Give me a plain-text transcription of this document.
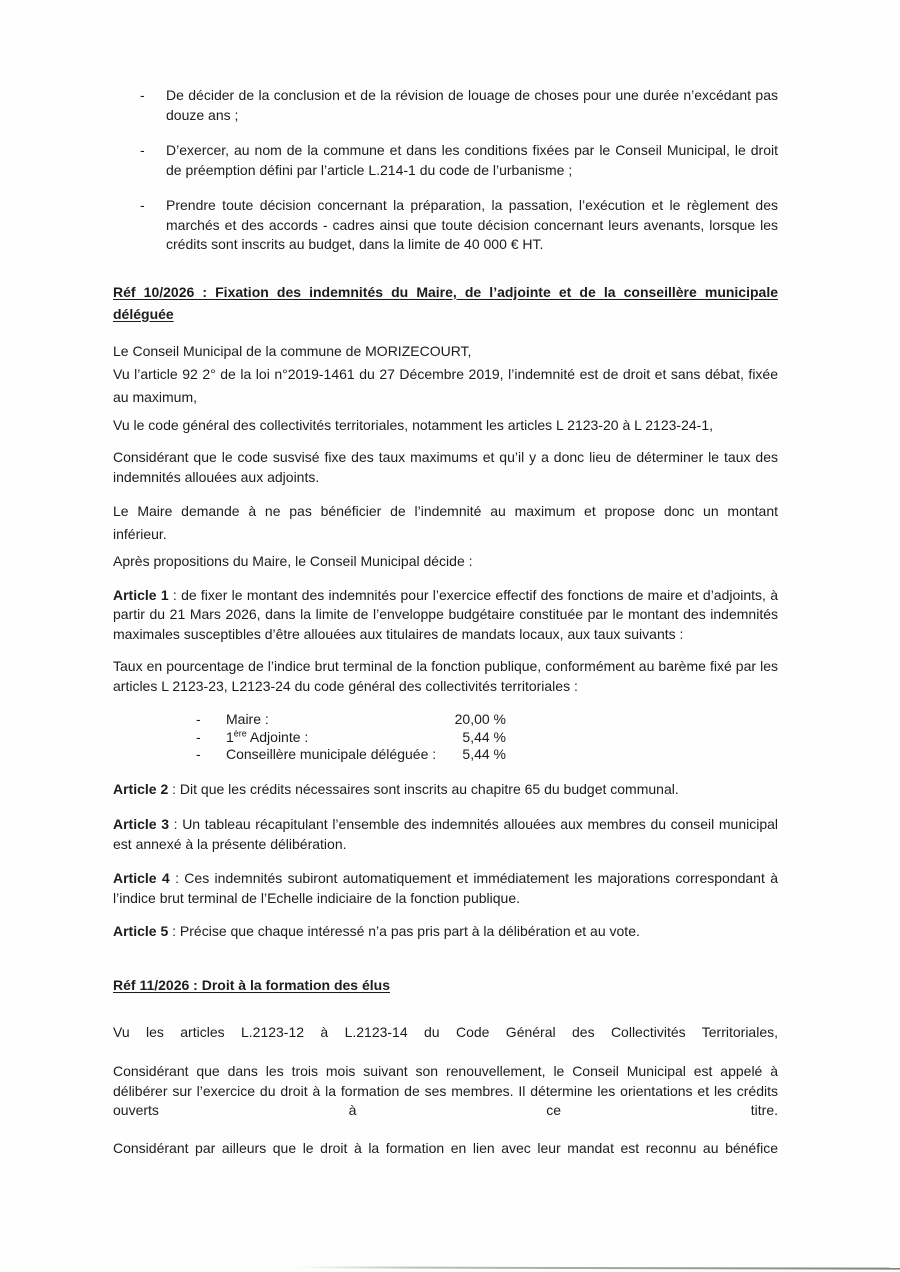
-	De décider de la conclusion et de la révision de louage de choses pour une durée n’excédant pas douze ans ;
-	D’exercer, au nom de la commune et dans les conditions fixées par le Conseil Municipal, le droit de préemption défini par l’article L.214-1 du code de l’urbanisme ;
-	Prendre toute décision concernant la préparation, la passation, l’exécution et le règlement des marchés et des accords - cadres ainsi que toute décision concernant leurs avenants, lorsque les crédits sont inscrits au budget, dans la limite de 40 000 € HT.
Réf 10/2026 : Fixation des indemnités du Maire, de l’adjointe et de la conseillère municipale déléguée
Le Conseil Municipal de la commune de MORIZECOURT,
Vu l’article 92 2° de la loi n°2019-1461 du 27 Décembre 2019, l’indemnité est de droit et sans débat, fixée au maximum,
Vu le code général des collectivités territoriales, notamment les articles L 2123-20 à L 2123-24-1,
Considérant que le code susvisé fixe des taux maximums et qu’il y a donc lieu de déterminer le taux des indemnités allouées aux adjoints.
Le Maire demande à ne pas bénéficier de l’indemnité au maximum et propose donc un montant
inférieur.
Après propositions du Maire, le Conseil Municipal décide :
Article 1 : de fixer le montant des indemnités pour l’exercice effectif des fonctions de maire et d’adjoints, à partir du 21 Mars 2026, dans la limite de l’enveloppe budgétaire constituée par le montant des indemnités maximales susceptibles d’être allouées aux titulaires de mandats locaux, aux taux suivants :
Taux en pourcentage de l’indice brut terminal de la fonction publique, conformément au barème fixé par les articles L 2123-23, L2123-24 du code général des collectivités territoriales :
-	Maire :	20,00 %
-	1ère Adjointe :	5,44 %
-	Conseillère municipale déléguée :	5,44 %
Article 2 : Dit que les crédits nécessaires sont inscrits au chapitre 65 du budget communal.
Article 3 : Un tableau récapitulant l’ensemble des indemnités allouées aux membres du conseil municipal est annexé à la présente délibération.
Article 4 : Ces indemnités subiront automatiquement et immédiatement les majorations correspondant à l’indice brut terminal de l’Echelle indiciaire de la fonction publique.
Article 5 : Précise que chaque intéressé n’a pas pris part à la délibération et au vote.
Réf 11/2026 : Droit à la formation des élus
Vu les articles L.2123-12 à L.2123-14 du Code Général des Collectivités Territoriales,
Considérant que dans les trois mois suivant son renouvellement, le Conseil Municipal est appelé à délibérer sur l’exercice du droit à la formation de ses membres. Il détermine les orientations et les crédits ouverts à ce titre.
Considérant par ailleurs que le droit à la formation en lien avec leur mandat est reconnu au bénéfice
